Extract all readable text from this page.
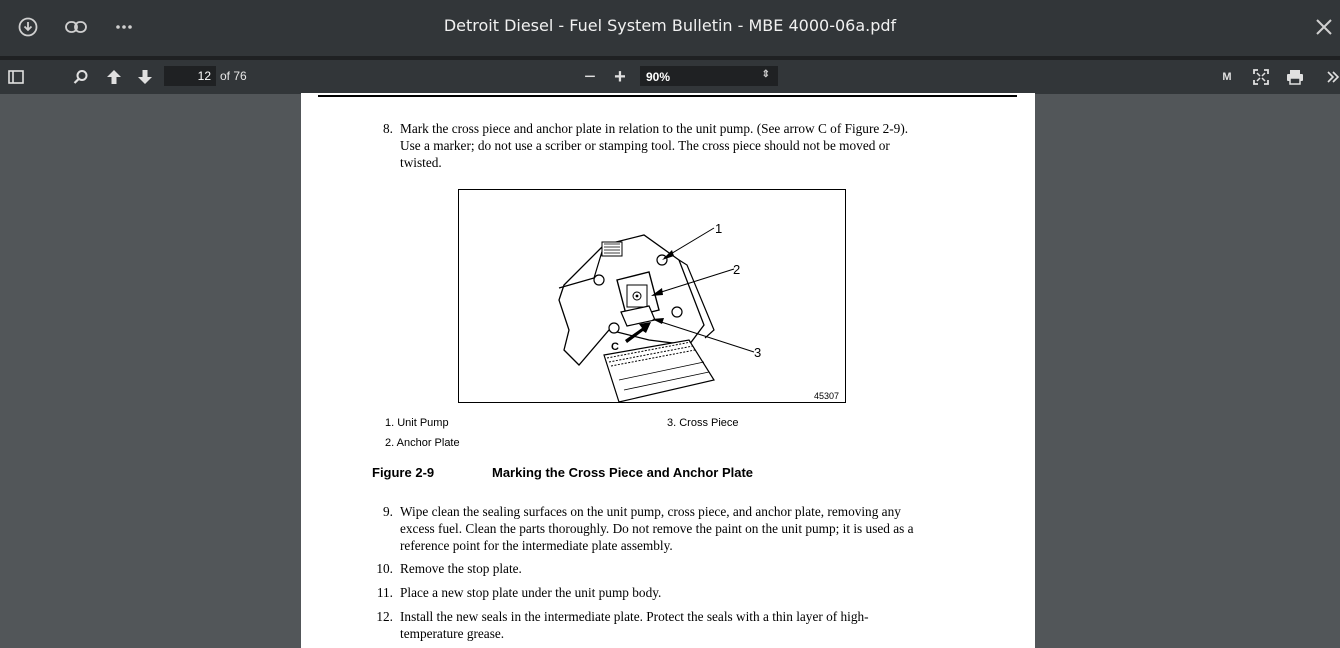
Detroit Diesel - Fuel System Bulletin - MBE 4000-06a.pdf
12 of 76	− +	90%	⇕	M
8. Mark the cross piece and anchor plate in relation to the unit pump. (See arrow C of Figure 2-9). Use a marker; do not use a scriber or stamping tool. The cross piece should not be moved or twisted.
C
1
2
3
45307
1. Unit Pump
2. Anchor Plate
3. Cross Piece
Figure 2-9	Marking the Cross Piece and Anchor Plate
9. Wipe clean the sealing surfaces on the unit pump, cross piece, and anchor plate, removing any excess fuel. Clean the parts thoroughly. Do not remove the paint on the unit pump; it is used as a reference point for the intermediate plate assembly.
10. Remove the stop plate.
11. Place a new stop plate under the unit pump body.
12. Install the new seals in the intermediate plate. Protect the seals with a thin layer of high-temperature grease.
